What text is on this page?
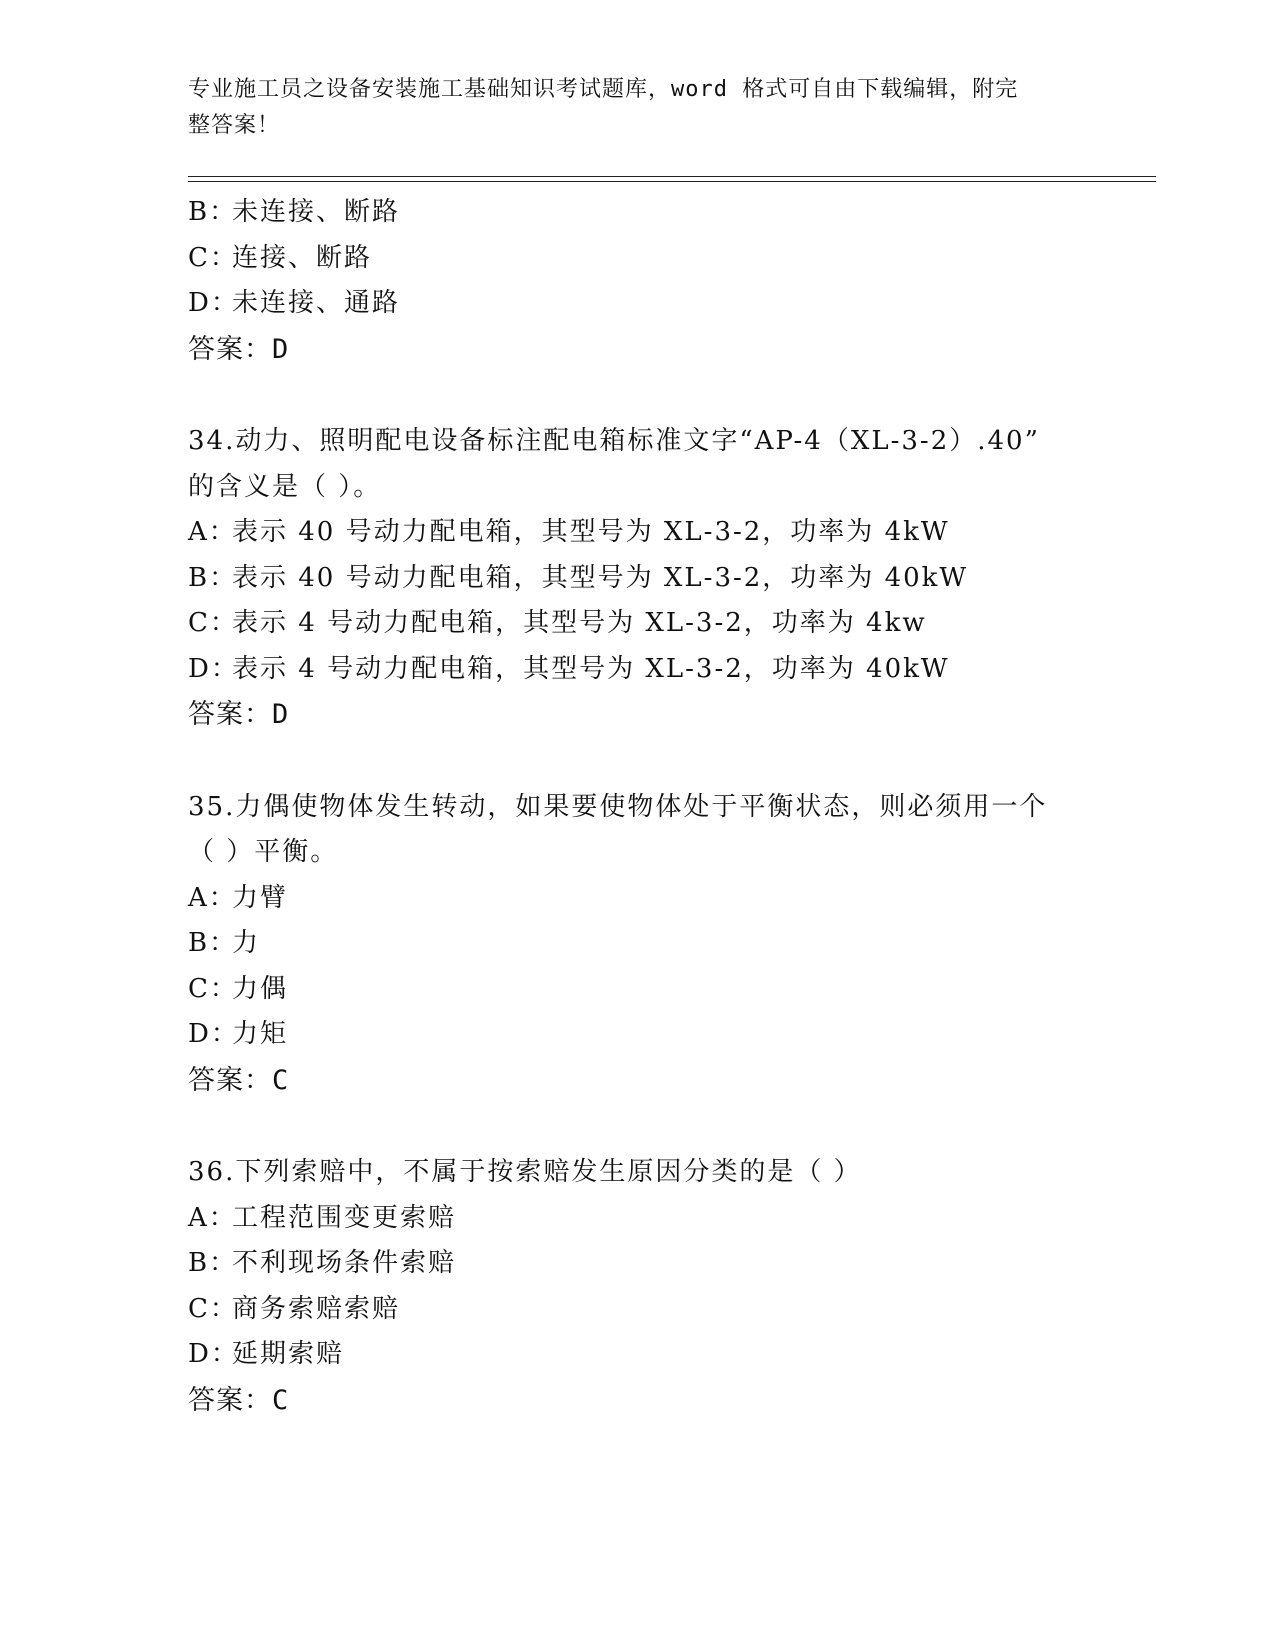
专业施工员之设备安装施工基础知识考试题库，word 格式可自由下载编辑，附完
整答案！
B：未连接、断路
C：连接、断路
D：未连接、通路
答案：D
34.动力、照明配电设备标注配电箱标准文字“AP-4（XL-3-2）.40”
的含义是（ ）。
A：表示 40 号动力配电箱，其型号为 XL-3-2，功率为 4kW
B：表示 40 号动力配电箱，其型号为 XL-3-2，功率为 40kW
C：表示 4 号动力配电箱，其型号为 XL-3-2，功率为 4kw
D：表示 4 号动力配电箱，其型号为 XL-3-2，功率为 40kW
答案：D
35.力偶使物体发生转动，如果要使物体处于平衡状态，则必须用一个
（ ）平衡。
A：力臂
B：力
C：力偶
D：力矩
答案：C
36.下列索赔中，不属于按索赔发生原因分类的是（ ）
A：工程范围变更索赔
B：不利现场条件索赔
C：商务索赔索赔
D：延期索赔
答案：C
